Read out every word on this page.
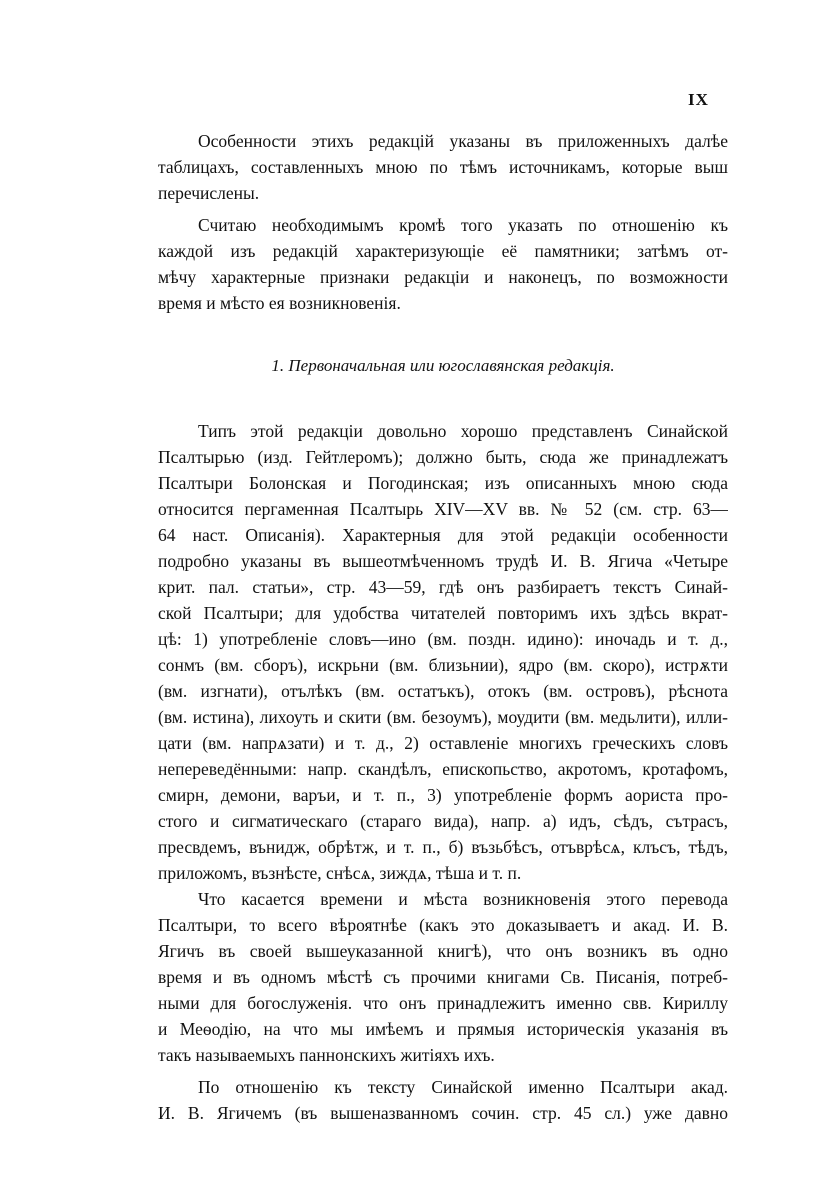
IX
Особенности этихъ редакцій указаны въ приложенныхъ далѣе
таблицахъ, составленныхъ мною по тѣмъ источникамъ, которые выш
перечислены.
Считаю необходимымъ кромѣ того указать по отношенію къ
каждой изъ редакцій характеризующіе её памятники; затѣмъ от-
мѣчу характерные признаки редакціи и наконецъ, по возможности
время и мѣсто ея возникновенія.
1. Первоначальная или югославянская редакція.
Типъ этой редакціи довольно хорошо представленъ Синайской
Псалтырью (изд. Гейтлеромъ); должно быть, сюда же принадлежатъ
Псалтыри Болонская и Погодинская; изъ описанныхъ мною сюда
относится пергаменная Псалтырь XIV—XV вв. № 52 (см. стр. 63—
64 наст. Описанія). Характерныя для этой редакціи особенности
подробно указаны въ вышеотмѣченномъ трудѣ И. В. Ягича «Четыре
крит. пал. статьи», стр. 43—59, гдѣ онъ разбираетъ текстъ Синай-
ской Псалтыри; для удобства читателей повторимъ ихъ здѣсь вкрат-
цѣ: 1) употребленіе словъ—ино (вм. поздн. идино): иночадь и т. д.,
сонмъ (вм. сборъ), искрьни (вм. близьнии), ядро (вм. скоро), истрѫти
(вм. изгнати), отълѣкъ (вм. остатъкъ), отокъ (вм. островъ), рѣснота
(вм. истина), лихоуть и скити (вм. безоумъ), моудити (вм. медьлити), илли-
цати (вм. напрѧзати) и т. д., 2) оставленіе многихъ греческихъ словъ
непереведёнными: напр. скандѣлъ, епископьство, акротомъ, кротафомъ,
смирн, демони, варъи, и т. п., 3) употребленіе формъ аориста про-
стого и сигматическаго (стараго вида), напр. а) идъ, сѣдъ, сътрасъ,
пресвдемъ, вънидж, обрѣтж, и т. п., б) възьбѣсъ, отъврѣсѧ, клъсъ, тѣдъ,
приложомъ, възнѣсте, снѣсѧ, зиждѧ, тѣша и т. п.
Что касается времени и мѣста возникновенія этого перевода
Псалтыри, то всего вѣроятнѣе (какъ это доказываетъ и акад. И. В.
Ягичъ въ своей вышеуказанной книгѣ), что онъ возникъ въ одно
время и въ одномъ мѣстѣ съ прочими книгами Св. Писанія, потреб-
ными для богослуженія. что онъ принадлежитъ именно свв. Кириллу
и Меѳодію, на что мы имѣемъ и прямыя историческія указанія въ
такъ называемыхъ паннонскихъ житіяхъ ихъ.
По отношенію къ тексту Синайской именно Псалтыри акад.
И. В. Ягичемъ (въ вышеназванномъ сочин. стр. 45 сл.) уже давно
